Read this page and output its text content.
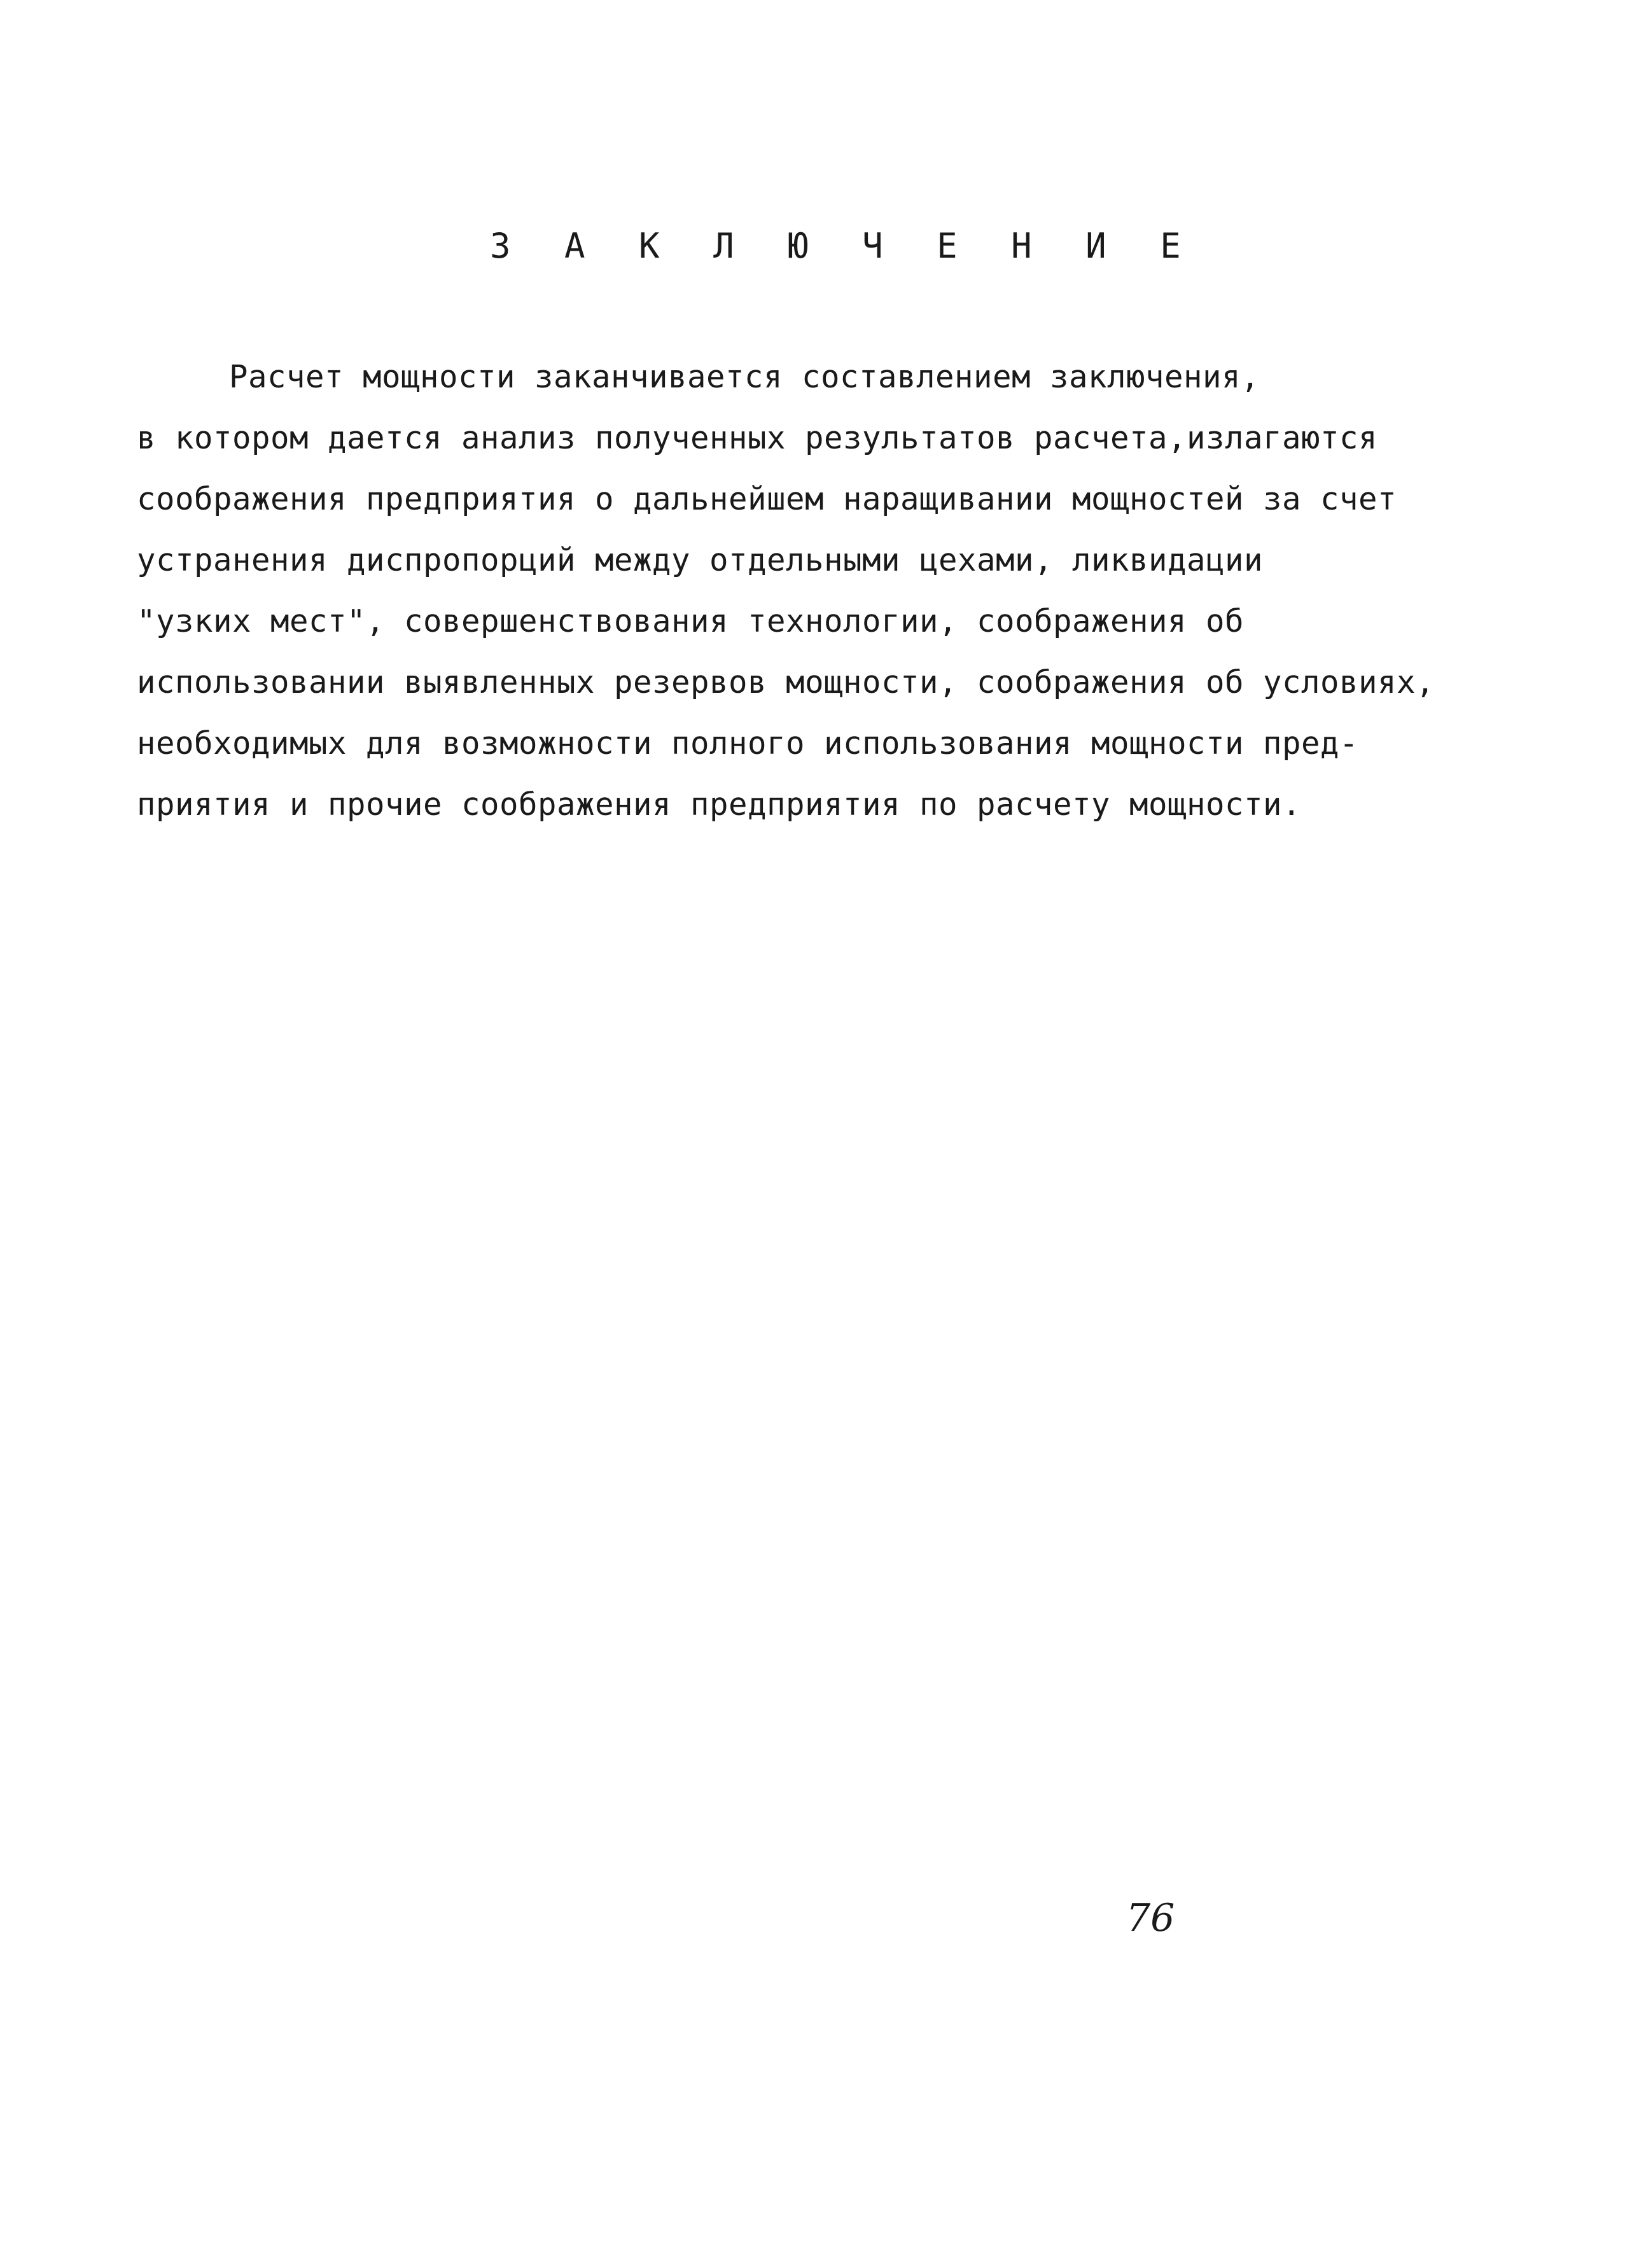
З А К Л Ю Ч Е Н И Е
Расчет мощности заканчивается составлением заключения,
в котором дается анализ полученных результатов расчета,излагаются
соображения предприятия о дальнейшем наращивании мощностей за счет
устранения диспропорций между отдельными цехами, ликвидации
"узких мест", совершенствования технологии, соображения об
использовании выявленных резервов мощности, соображения об условиях,
необходимых для возможности полного использования мощности пред-
приятия и прочие соображения предприятия по расчету мощности.
76
